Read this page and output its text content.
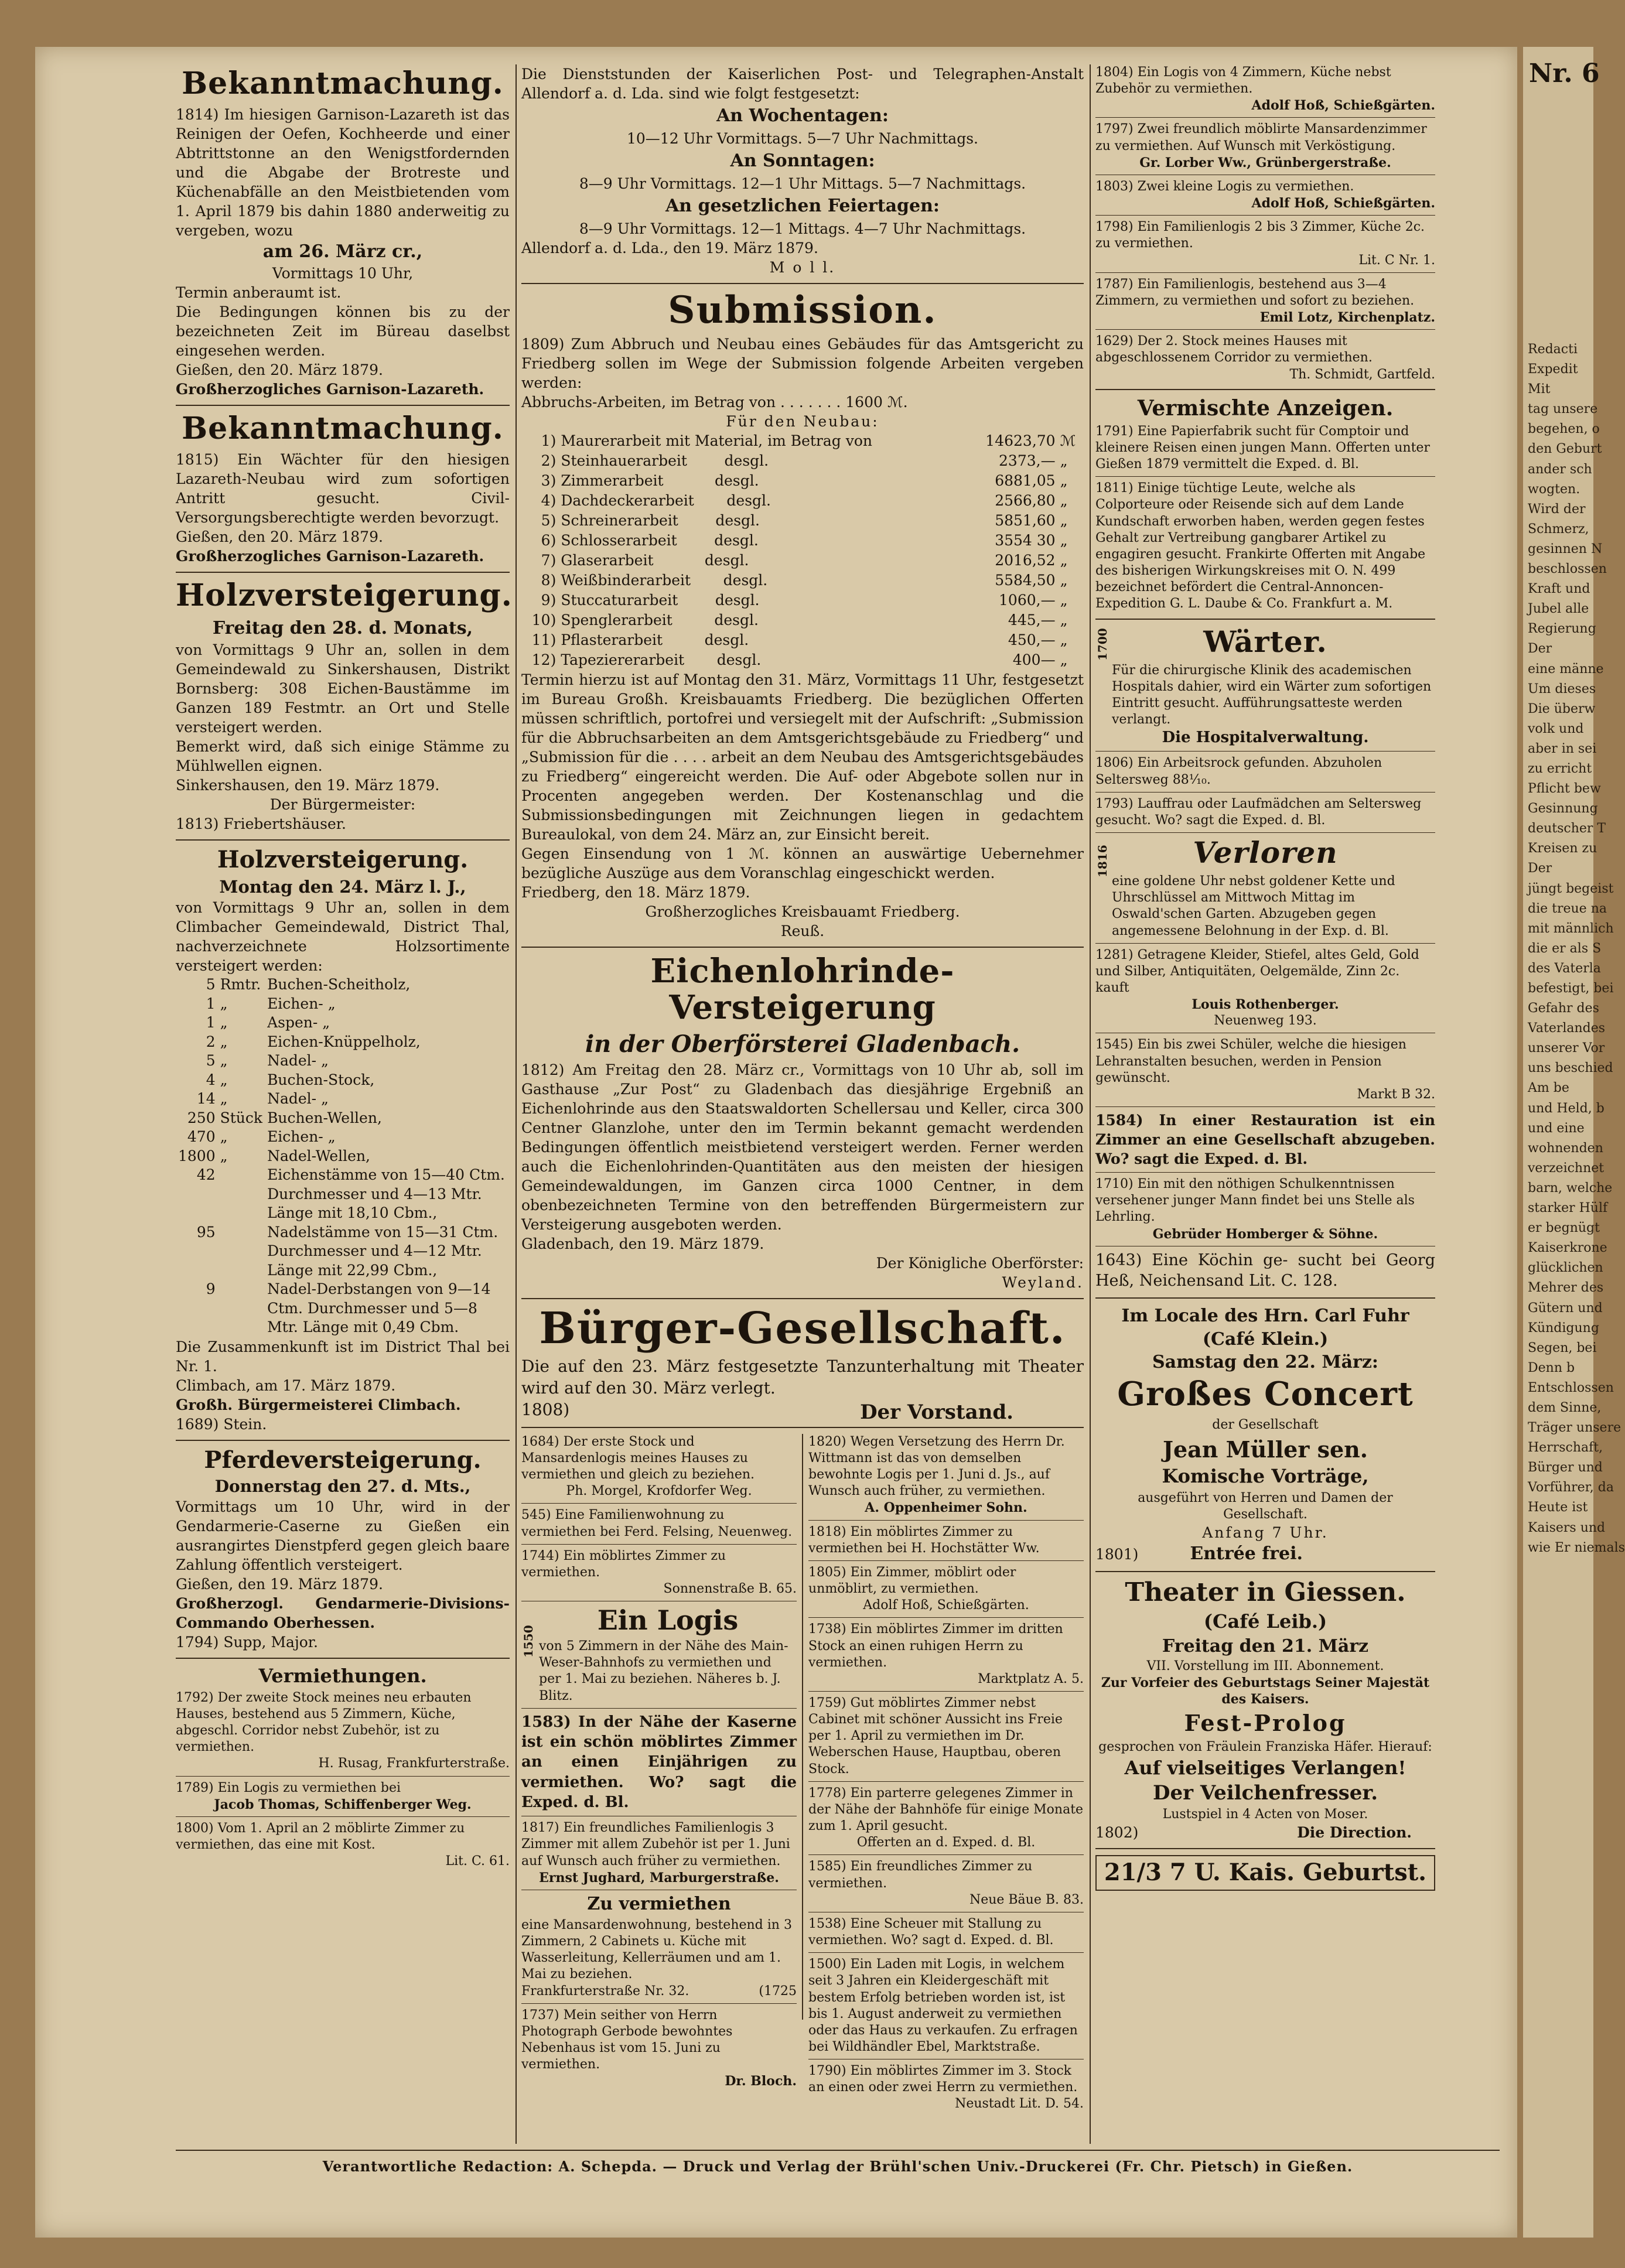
Bekanntmachung.
1814) Im hiesigen Garnison-Lazareth ist das Reinigen der Oefen, Kochheerde und einer Abtrittstonne an den Wenigstfordernden und die Abgabe der Brotreste und Küchenabfälle an den Meistbietenden vom 1. April 1879 bis dahin 1880 anderweitig zu vergeben, wozu
am 26. März cr.,
Vormittags 10 Uhr,
Termin anberaumt ist.
Die Bedingungen können bis zu der bezeichneten Zeit im Büreau daselbst eingesehen werden.
Gießen, den 20. März 1879.
Großherzogliches Garnison-Lazareth.
Bekanntmachung.
1815) Ein Wächter für den hiesigen Lazareth-Neubau wird zum sofortigen Antritt gesucht. Civil-Versorgungsberechtigte werden bevorzugt.
Gießen, den 20. März 1879.
Großherzogliches Garnison-Lazareth.
Holzversteigerung.
Freitag den 28. d. Monats,
von Vormittags 9 Uhr an, sollen in dem Gemeindewald zu Sinkershausen, Distrikt Bornsberg: 308 Eichen-Baustämme im Ganzen 189 Festmtr. an Ort und Stelle versteigert werden.
Bemerkt wird, daß sich einige Stämme zu Mühlwellen eignen.
Sinkershausen, den 19. März 1879.
Der Bürgermeister:
1813) Friebertshäuser.
Holzversteigerung.
Montag den 24. März l. J.,
von Vormittags 9 Uhr an, sollen in dem Climbacher Gemeindewald, District Thal, nachverzeichnete Holzsortimente versteigert werden:
5	Rmtr.	Buchen-Scheitholz,
1	„	Eichen- „
1	„	Aspen- „
2	„	Eichen-Knüppelholz,
5	„	Nadel- „
4	„	Buchen-Stock,
14	„	Nadel- „
250	Stück	Buchen-Wellen,
470	„	Eichen- „
1800	„	Nadel-Wellen,
42		Eichenstämme von 15—40 Ctm. Durchmesser und 4—13 Mtr. Länge mit 18,10 Cbm.,
95		Nadelstämme von 15—31 Ctm. Durchmesser und 4—12 Mtr. Länge mit 22,99 Cbm.,
9		Nadel-Derbstangen von 9—14 Ctm. Durchmesser und 5—8 Mtr. Länge mit 0,49 Cbm.
Die Zusammenkunft ist im District Thal bei Nr. 1.
Climbach, am 17. März 1879.
Großh. Bürgermeisterei Climbach.
1689) Stein.
Pferdeversteigerung.
Donnerstag den 27. d. Mts.,
Vormittags um 10 Uhr, wird in der Gendarmerie-Caserne zu Gießen ein ausrangirtes Dienstpferd gegen gleich baare Zahlung öffentlich versteigert.
Gießen, den 19. März 1879.
Großherzogl. Gendarmerie-Divisions-Commando Oberhessen.
1794) Supp, Major.
Vermiethungen.
1792) Der zweite Stock meines neu erbauten Hauses, bestehend aus 5 Zimmern, Küche, abgeschl. Corridor nebst Zubehör, ist zu vermiethen.
H. Rusag, Frankfurterstraße.
1789) Ein Logis zu vermiethen bei
Jacob Thomas, Schiffenberger Weg.
1800) Vom 1. April an 2 möblirte Zimmer zu vermiethen, das eine mit Kost.
Lit. C. 61.
Die Dienststunden der Kaiserlichen Post- und Telegraphen-Anstalt Allendorf a. d. Lda. sind wie folgt festgesetzt:
An Wochentagen:
10—12 Uhr Vormittags. 5—7 Uhr Nachmittags.
An Sonntagen:
8—9 Uhr Vormittags. 12—1 Uhr Mittags. 5—7 Nachmittags.
An gesetzlichen Feiertagen:
8—9 Uhr Vormittags. 12—1 Mittags. 4—7 Uhr Nachmittags.
Allendorf a. d. Lda., den 19. März 1879.
M o l l.
Submission.
1809) Zum Abbruch und Neubau eines Gebäudes für das Amtsgericht zu Friedberg sollen im Wege der Submission folgende Arbeiten vergeben werden:
Abbruchs-Arbeiten, im Betrag von . . . . . . . 1600 ℳ.
Für den Neubau:
1)	Maurerarbeit mit Material, im Betrag von	14623,70	ℳ
2)	Steinhauerarbeit        desgl.	2373,—	„
3)	Zimmerarbeit           desgl.	6881,05	„
4)	Dachdeckerarbeit       desgl.	2566,80	„
5)	Schreinerarbeit        desgl.	5851,60	„
6)	Schlosserarbeit        desgl.	3554 30	„
7)	Glaserarbeit           desgl.	2016,52	„
8)	Weißbinderarbeit       desgl.	5584,50	„
9)	Stuccaturarbeit        desgl.	1060,—	„
10)	Spenglerarbeit         desgl.	445,—	„
11)	Pflasterarbeit         desgl.	450,—	„
12)	Tapeziererarbeit       desgl.	400—	„
Termin hierzu ist auf Montag den 31. März, Vormittags 11 Uhr, festgesetzt im Bureau Großh. Kreisbauamts Friedberg. Die bezüglichen Offerten müssen schriftlich, portofrei und versiegelt mit der Aufschrift: „Submission für die Abbruchsarbeiten an dem Amtsgerichtsgebäude zu Friedberg“ und „Submission für die . . . . arbeit an dem Neubau des Amtsgerichtsgebäudes zu Friedberg“ eingereicht werden. Die Auf- oder Abgebote sollen nur in Procenten angegeben werden. Der Kostenanschlag und die Submissionsbedingungen mit Zeichnungen liegen in gedachtem Bureaulokal, von dem 24. März an, zur Einsicht bereit.
Gegen Einsendung von 1 ℳ. können an auswärtige Uebernehmer bezügliche Auszüge aus dem Voranschlag eingeschickt werden.
Friedberg, den 18. März 1879.
Großherzogliches Kreisbauamt Friedberg.
Reuß.
Eichenlohrinde-Versteigerung
in der Oberförsterei Gladenbach.
1812) Am Freitag den 28. März cr., Vormittags von 10 Uhr ab, soll im Gasthause „Zur Post“ zu Gladenbach das diesjährige Ergebniß an Eichenlohrinde aus den Staatswaldorten Schellersau und Keller, circa 300 Centner Glanzlohe, unter den im Termin bekannt gemacht werdenden Bedingungen öffentlich meistbietend versteigert werden. Ferner werden auch die Eichenlohrinden-Quantitäten aus den meisten der hiesigen Gemeindewaldungen, im Ganzen circa 1000 Centner, in dem obenbezeichneten Termine von den betreffenden Bürgermeistern zur Versteigerung ausgeboten werden.
Gladenbach, den 19. März 1879.
Der Königliche Oberförster:
Weyland.
Bürger-Gesellschaft.
Die auf den 23. März festgesetzte Tanzunterhaltung mit Theater wird auf den 30. März verlegt.
1808)	Der Vorstand.
1684) Der erste Stock und Mansardenlogis meines Hauses zu vermiethen und gleich zu beziehen.
Ph. Morgel, Krofdorfer Weg.
545) Eine Familienwohnung zu vermiethen bei Ferd. Felsing, Neuenweg.
1744) Ein möblirtes Zimmer zu vermiethen.
Sonnenstraße B. 65.
1550
Ein Logis
von 5 Zimmern in der Nähe des Main-Weser-Bahnhofs zu vermiethen und per 1. Mai zu beziehen. Näheres b. J. Blitz.
1583) In der Nähe der Kaserne ist ein schön möblirtes Zimmer an einen Einjährigen zu vermiethen. Wo? sagt die Exped. d. Bl.
1817) Ein freundliches Familienlogis 3 Zimmer mit allem Zubehör ist per 1. Juni auf Wunsch auch früher zu vermiethen.
Ernst Jughard, Marburgerstraße.
Zu vermiethen
eine Mansardenwohnung, bestehend in 3 Zimmern, 2 Cabinets u. Küche mit Wasserleitung, Kellerräumen und am 1. Mai zu beziehen.
Frankfurterstraße Nr. 32.	(1725
1737) Mein seither von Herrn Photograph Gerbode bewohntes Nebenhaus ist vom 15. Juni zu vermiethen.
Dr. Bloch.
1820) Wegen Versetzung des Herrn Dr. Wittmann ist das von demselben bewohnte Logis per 1. Juni d. Js., auf Wunsch auch früher, zu vermiethen.
A. Oppenheimer Sohn.
1818) Ein möblirtes Zimmer zu vermiethen bei H. Hochstätter Ww.
1805) Ein Zimmer, möblirt oder unmöblirt, zu vermiethen.
Adolf Hoß, Schießgärten.
1738) Ein möblirtes Zimmer im dritten Stock an einen ruhigen Herrn zu vermiethen.
Marktplatz A. 5.
1759) Gut möblirtes Zimmer nebst Cabinet mit schöner Aussicht ins Freie per 1. April zu vermiethen im Dr. Weberschen Hause, Hauptbau, oberen Stock.
1778) Ein parterre gelegenes Zimmer in der Nähe der Bahnhöfe für einige Monate zum 1. April gesucht.
Offerten an d. Exped. d. Bl.
1585) Ein freundliches Zimmer zu vermiethen.
Neue Bäue B. 83.
1538) Eine Scheuer mit Stallung zu vermiethen. Wo? sagt d. Exped. d. Bl.
1500) Ein Laden mit Logis, in welchem seit 3 Jahren ein Kleidergeschäft mit bestem Erfolg betrieben worden ist, ist bis 1. August anderweit zu vermiethen oder das Haus zu verkaufen. Zu erfragen bei Wildhändler Ebel, Marktstraße.
1790) Ein möblirtes Zimmer im 3. Stock an einen oder zwei Herrn zu vermiethen.
Neustadt Lit. D. 54.
1804) Ein Logis von 4 Zimmern, Küche nebst Zubehör zu vermiethen.
Adolf Hoß, Schießgärten.
1797) Zwei freundlich möblirte Mansardenzimmer zu vermiethen. Auf Wunsch mit Verköstigung.
Gr. Lorber Ww., Grünbergerstraße.
1803) Zwei kleine Logis zu vermiethen.
Adolf Hoß, Schießgärten.
1798) Ein Familienlogis 2 bis 3 Zimmer, Küche 2c. zu vermiethen.
Lit. C Nr. 1.
1787) Ein Familienlogis, bestehend aus 3—4 Zimmern, zu vermiethen und sofort zu beziehen.
Emil Lotz, Kirchenplatz.
1629) Der 2. Stock meines Hauses mit abgeschlossenem Corridor zu vermiethen.
Th. Schmidt, Gartfeld.
Vermischte Anzeigen.
1791) Eine Papierfabrik sucht für Comptoir und kleinere Reisen einen jungen Mann. Offerten unter Gießen 1879 vermittelt die Exped. d. Bl.
1811) Einige tüchtige Leute, welche als Colporteure oder Reisende sich auf dem Lande Kundschaft erworben haben, werden gegen festes Gehalt zur Vertreibung gangbarer Artikel zu engagiren gesucht. Frankirte Offerten mit Angabe des bisherigen Wirkungskreises mit O. N. 499 bezeichnet befördert die Central-Annoncen-Expedition G. L. Daube & Co. Frankfurt a. M.
1700	Wärter.
Für die chirurgische Klinik des academischen Hospitals dahier, wird ein Wärter zum sofortigen Eintritt gesucht. Aufführungsatteste werden verlangt.
Die Hospitalverwaltung.
1806) Ein Arbeitsrock gefunden. Abzuholen Seltersweg 88¹⁄₁₀.
1793) Lauffrau oder Laufmädchen am Seltersweg gesucht. Wo? sagt die Exped. d. Bl.
1816	Verloren
eine goldene Uhr nebst goldener Kette und Uhrschlüssel am Mittwoch Mittag im Oswald'schen Garten. Abzugeben gegen angemessene Belohnung in der Exp. d. Bl.
1281) Getragene Kleider, Stiefel, altes Geld, Gold und Silber, Antiquitäten, Oelgemälde, Zinn 2c. kauft
Louis Rothenberger.
Neuenweg 193.
1545) Ein bis zwei Schüler, welche die hiesigen Lehranstalten besuchen, werden in Pension gewünscht.
Markt B 32.
1584) In einer Restauration ist ein Zimmer an eine Gesellschaft abzugeben. Wo? sagt die Exped. d. Bl.
1710) Ein mit den nöthigen Schulkenntnissen versehener junger Mann findet bei uns Stelle als Lehrling.
Gebrüder Homberger & Söhne.
1643) Eine Köchin ge- sucht bei Georg Heß, Neichensand Lit. C. 128.
Im Locale des Hrn. Carl Fuhr
(Café Klein.)
Samstag den 22. März:
Großes Concert
der Gesellschaft
Jean Müller sen.
Komische Vorträge,
ausgeführt von Herren und Damen der Gesellschaft.
Anfang 7 Uhr.
1801)	Entrée frei.
Theater in Giessen.
(Café Leib.)
Freitag den 21. März
VII. Vorstellung im III. Abonnement.
Zur Vorfeier des Geburtstags Seiner Majestät des Kaisers.
Fest-Prolog
gesprochen von Fräulein Franziska Häfer. Hierauf:
Auf vielseitiges Verlangen!
Der Veilchenfresser.
Lustspiel in 4 Acten von Moser.
1802)	Die Direction.
21/3 7 U. Kais. Geburtst.
Verantwortliche Redaction: A. Schepda. — Druck und Verlag der Brühl'schen Univ.-Druckerei (Fr. Chr. Pietsch) in Gießen.
Nr. 6
Redacti
Expedit
Mit
tag unsere
begehen, o
den Geburt
ander sch
wogten.
Wird der
Schmerz,
gesinnen N
beschlossen
Kraft und
Jubel alle
Regierung
Der
eine männe
Um dieses
Die überw
volk und
aber in sei
zu erricht
Pflicht bew
Gesinnung
deutscher T
Kreisen zu
Der
jüngt begeist
die treue na
mit männlich
die er als S
des Vaterla
befestigt, bei
Gefahr des
Vaterlandes
unserer Vor
uns beschied
Am be
und Held, b
und eine
wohnenden
verzeichnet
barn, welche
starker Hülf
er begnügt
Kaiserkrone
glücklichen
Mehrer des
Gütern und
Kündigung
Segen, bei
Denn b
Entschlossen
dem Sinne,
Träger unsere
Herrschaft,
Bürger und
Vorführer, da
Heute ist
Kaisers und
wie Er niemals
